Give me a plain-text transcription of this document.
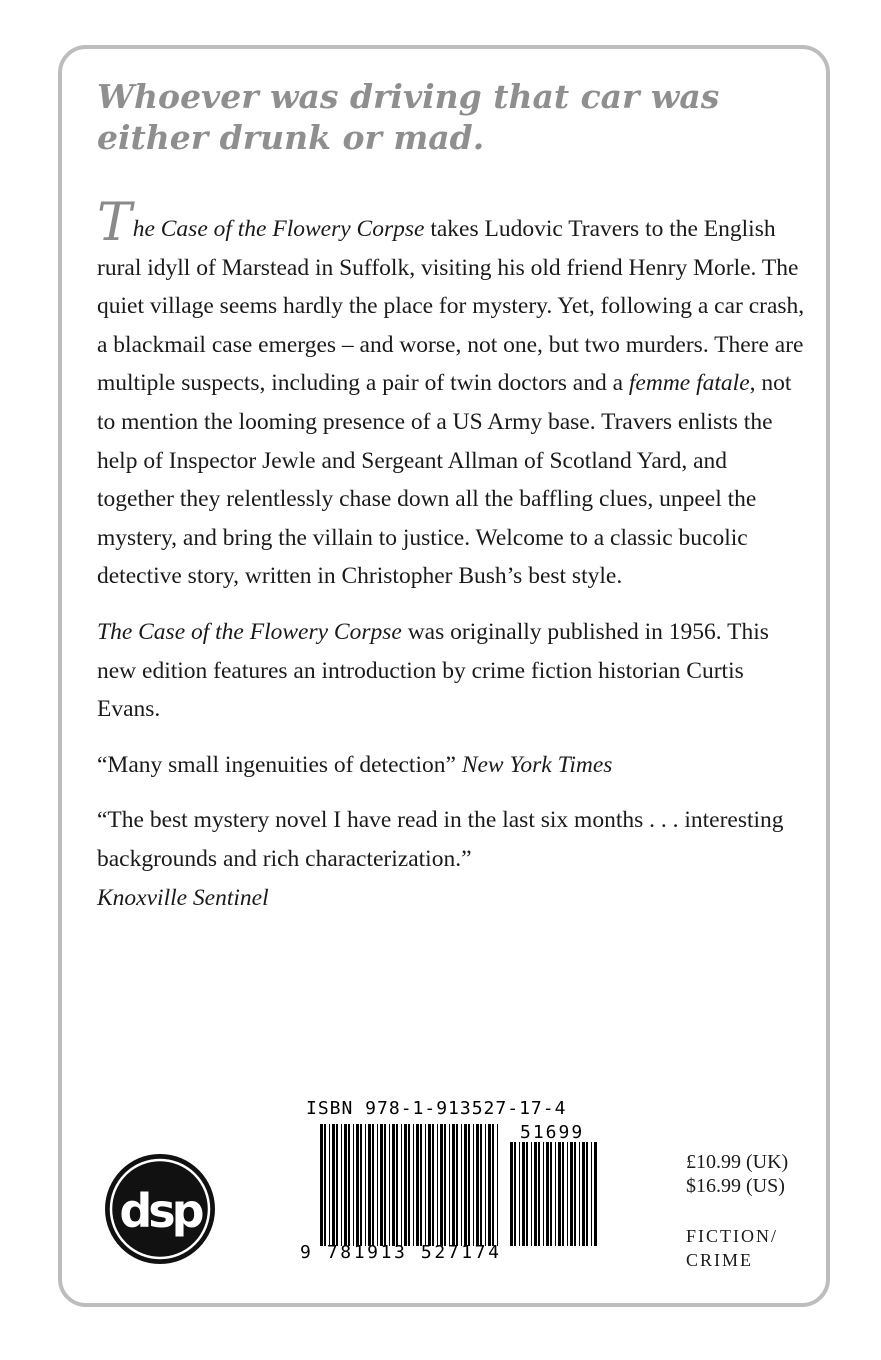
Whoever was driving that car was either drunk or mad.

The Case of the Flowery Corpse takes Ludovic Travers to the English rural idyll of Marstead in Suffolk, visiting his old friend Henry Morle. The quiet village seems hardly the place for mystery. Yet, following a car crash, a blackmail case emerges – and worse, not one, but two murders. There are multiple suspects, including a pair of twin doctors and a femme fatale, not to mention the looming presence of a US Army base. Travers enlists the help of Inspector Jewle and Sergeant Allman of Scotland Yard, and together they relentlessly chase down all the baffling clues, unpeel the mystery, and bring the villain to justice. Welcome to a classic bucolic detective story, written in Christopher Bush’s best style.

The Case of the Flowery Corpse was originally published in 1956. This new edition features an introduction by crime fiction historian Curtis Evans.

“Many small ingenuities of detection” New York Times

“The best mystery novel I have read in the last six months . . . interesting backgrounds and rich characterization.”
Knoxville Sentinel

dsp
ISBN 978-1-913527-17-4
51699
9 781913 527174
£10.99 (UK)
$16.99 (US)
FICTION/
CRIME
